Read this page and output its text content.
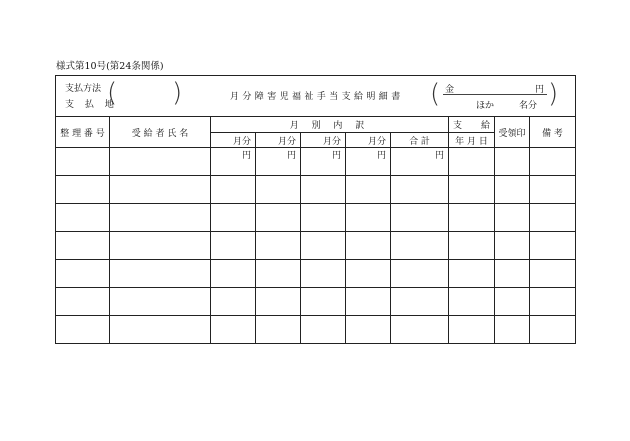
様式第10号(第24条関係)
支払方法
支 払 地
( )	月分障害児福祉手当支給明細書 ( 金	円
ほか	名分 )
整 理 番 号	受 給 者 氏 名	月 別 内 訳					支 給	受領印	備 考
		月分	月分	月分	月分	合 計	年 月 日		
		円	円	円	円	円			
